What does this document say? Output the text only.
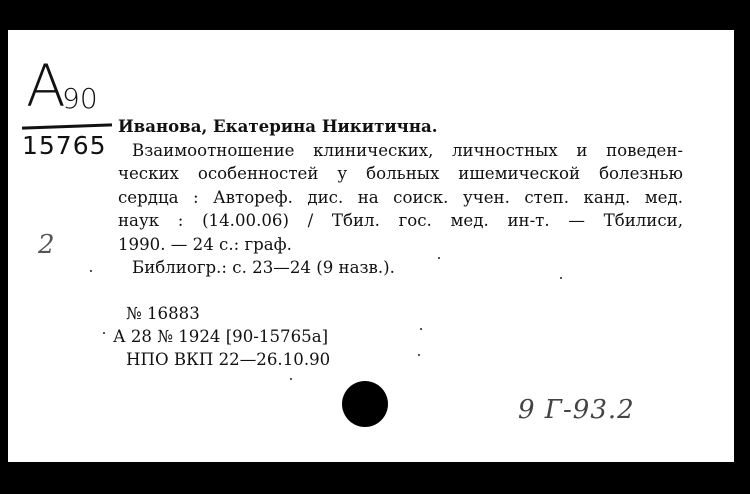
А
90
15765
2
Иванова, Екатерина Никитична.
Взаимоотношение клинических, личностных и поведен-
ческих особенностей у больных ишемической болезнью
сердца : Автореф. дис. на соиск. учен. степ. канд. мед.
наук : (14.00.06) / Тбил. гос. мед. ин-т. — Тбилиси,
1990. — 24 с.: граф.
Библиогр.: с. 23—24 (9 назв.).
№ 16883
А 28 № 1924 [90-15765а]
НПО ВКП 22—26.10.90
9 Г-93.2
